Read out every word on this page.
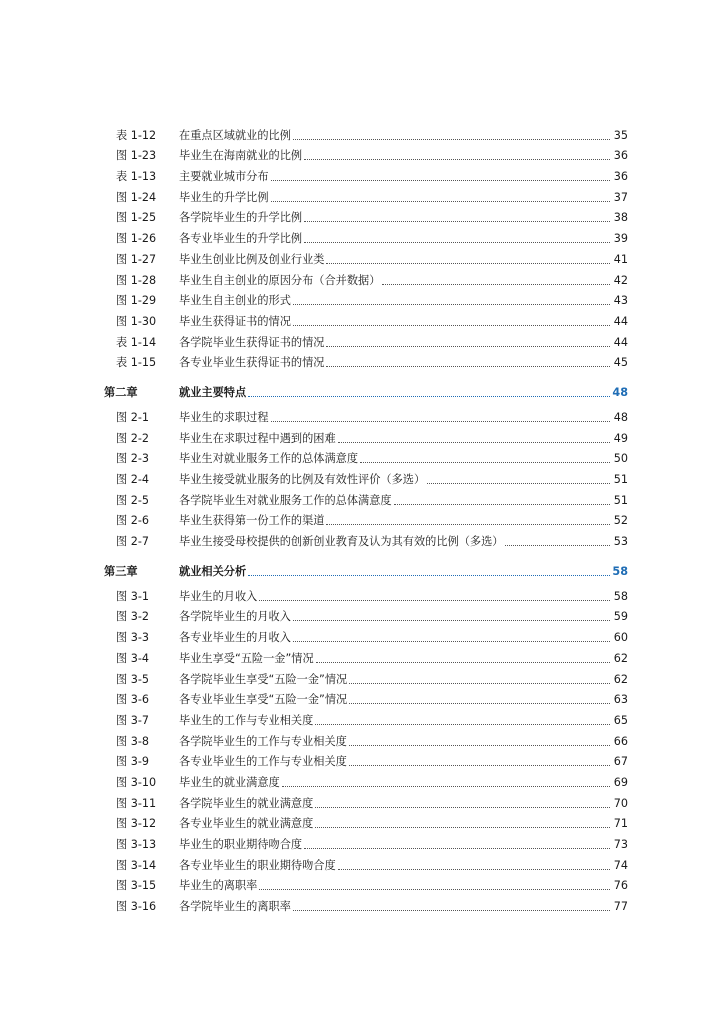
表 1-12	在重点区域就业的比例	35
图 1-23	毕业生在海南就业的比例	36
表 1-13	主要就业城市分布	36
图 1-24	毕业生的升学比例	37
图 1-25	各学院毕业生的升学比例	38
图 1-26	各专业毕业生的升学比例	39
图 1-27	毕业生创业比例及创业行业类	41
图 1-28	毕业生自主创业的原因分布（合并数据）	42
图 1-29	毕业生自主创业的形式	43
图 1-30	毕业生获得证书的情况	44
表 1-14	各学院毕业生获得证书的情况	44
表 1-15	各专业毕业生获得证书的情况	45
第二章	就业主要特点	48
图 2-1	毕业生的求职过程	48
图 2-2	毕业生在求职过程中遇到的困难	49
图 2-3	毕业生对就业服务工作的总体满意度	50
图 2-4	毕业生接受就业服务的比例及有效性评价（多选）	51
图 2-5	各学院毕业生对就业服务工作的总体满意度	51
图 2-6	毕业生获得第一份工作的渠道	52
图 2-7	毕业生接受母校提供的创新创业教育及认为其有效的比例（多选）	53
第三章	就业相关分析	58
图 3-1	毕业生的月收入	58
图 3-2	各学院毕业生的月收入	59
图 3-3	各专业毕业生的月收入	60
图 3-4	毕业生享受“五险一金”情况	62
图 3-5	各学院毕业生享受“五险一金”情况	62
图 3-6	各专业毕业生享受“五险一金”情况	63
图 3-7	毕业生的工作与专业相关度	65
图 3-8	各学院毕业生的工作与专业相关度	66
图 3-9	各专业毕业生的工作与专业相关度	67
图 3-10	毕业生的就业满意度	69
图 3-11	各学院毕业生的就业满意度	70
图 3-12	各专业毕业生的就业满意度	71
图 3-13	毕业生的职业期待吻合度	73
图 3-14	各专业毕业生的职业期待吻合度	74
图 3-15	毕业生的离职率	76
图 3-16	各学院毕业生的离职率	77
